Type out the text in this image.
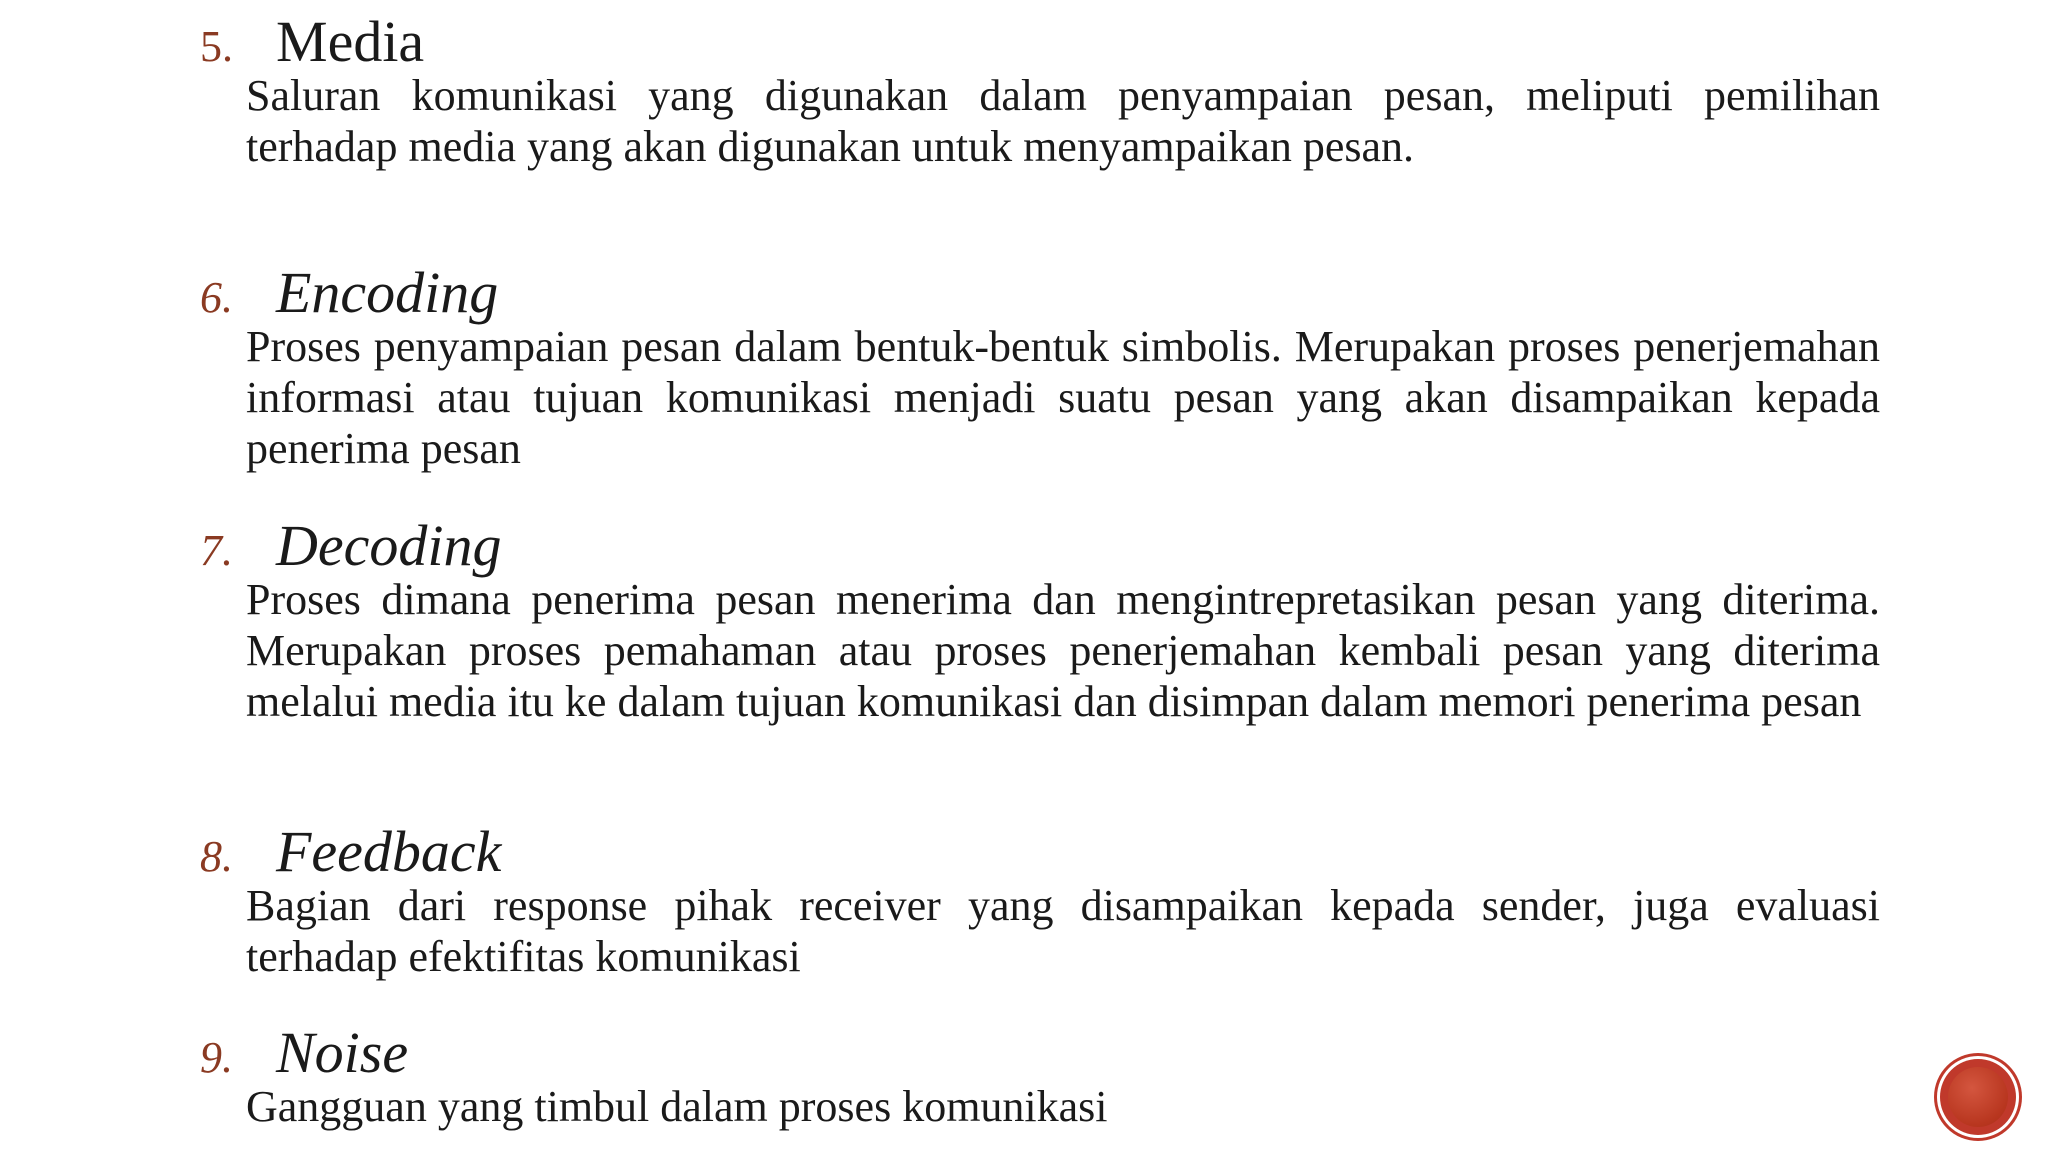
5. Media
Saluran komunikasi yang digunakan dalam penyampaian pesan, meliputi pemilihan terhadap media yang akan digunakan untuk menyampaikan pesan.
6. Encoding
Proses penyampaian pesan dalam bentuk-bentuk simbolis. Merupakan proses penerjemahan informasi atau tujuan komunikasi menjadi suatu pesan yang akan disampaikan kepada penerima pesan
7. Decoding
Proses dimana penerima pesan menerima dan mengintrepretasikan pesan yang diterima. Merupakan proses pemahaman atau proses penerjemahan kembali pesan yang diterima melalui media itu ke dalam tujuan komunikasi dan disimpan dalam memori penerima pesan
8. Feedback
Bagian dari response pihak receiver yang disampaikan kepada sender, juga evaluasi terhadap efektifitas komunikasi
9. Noise
Gangguan yang timbul dalam proses komunikasi
